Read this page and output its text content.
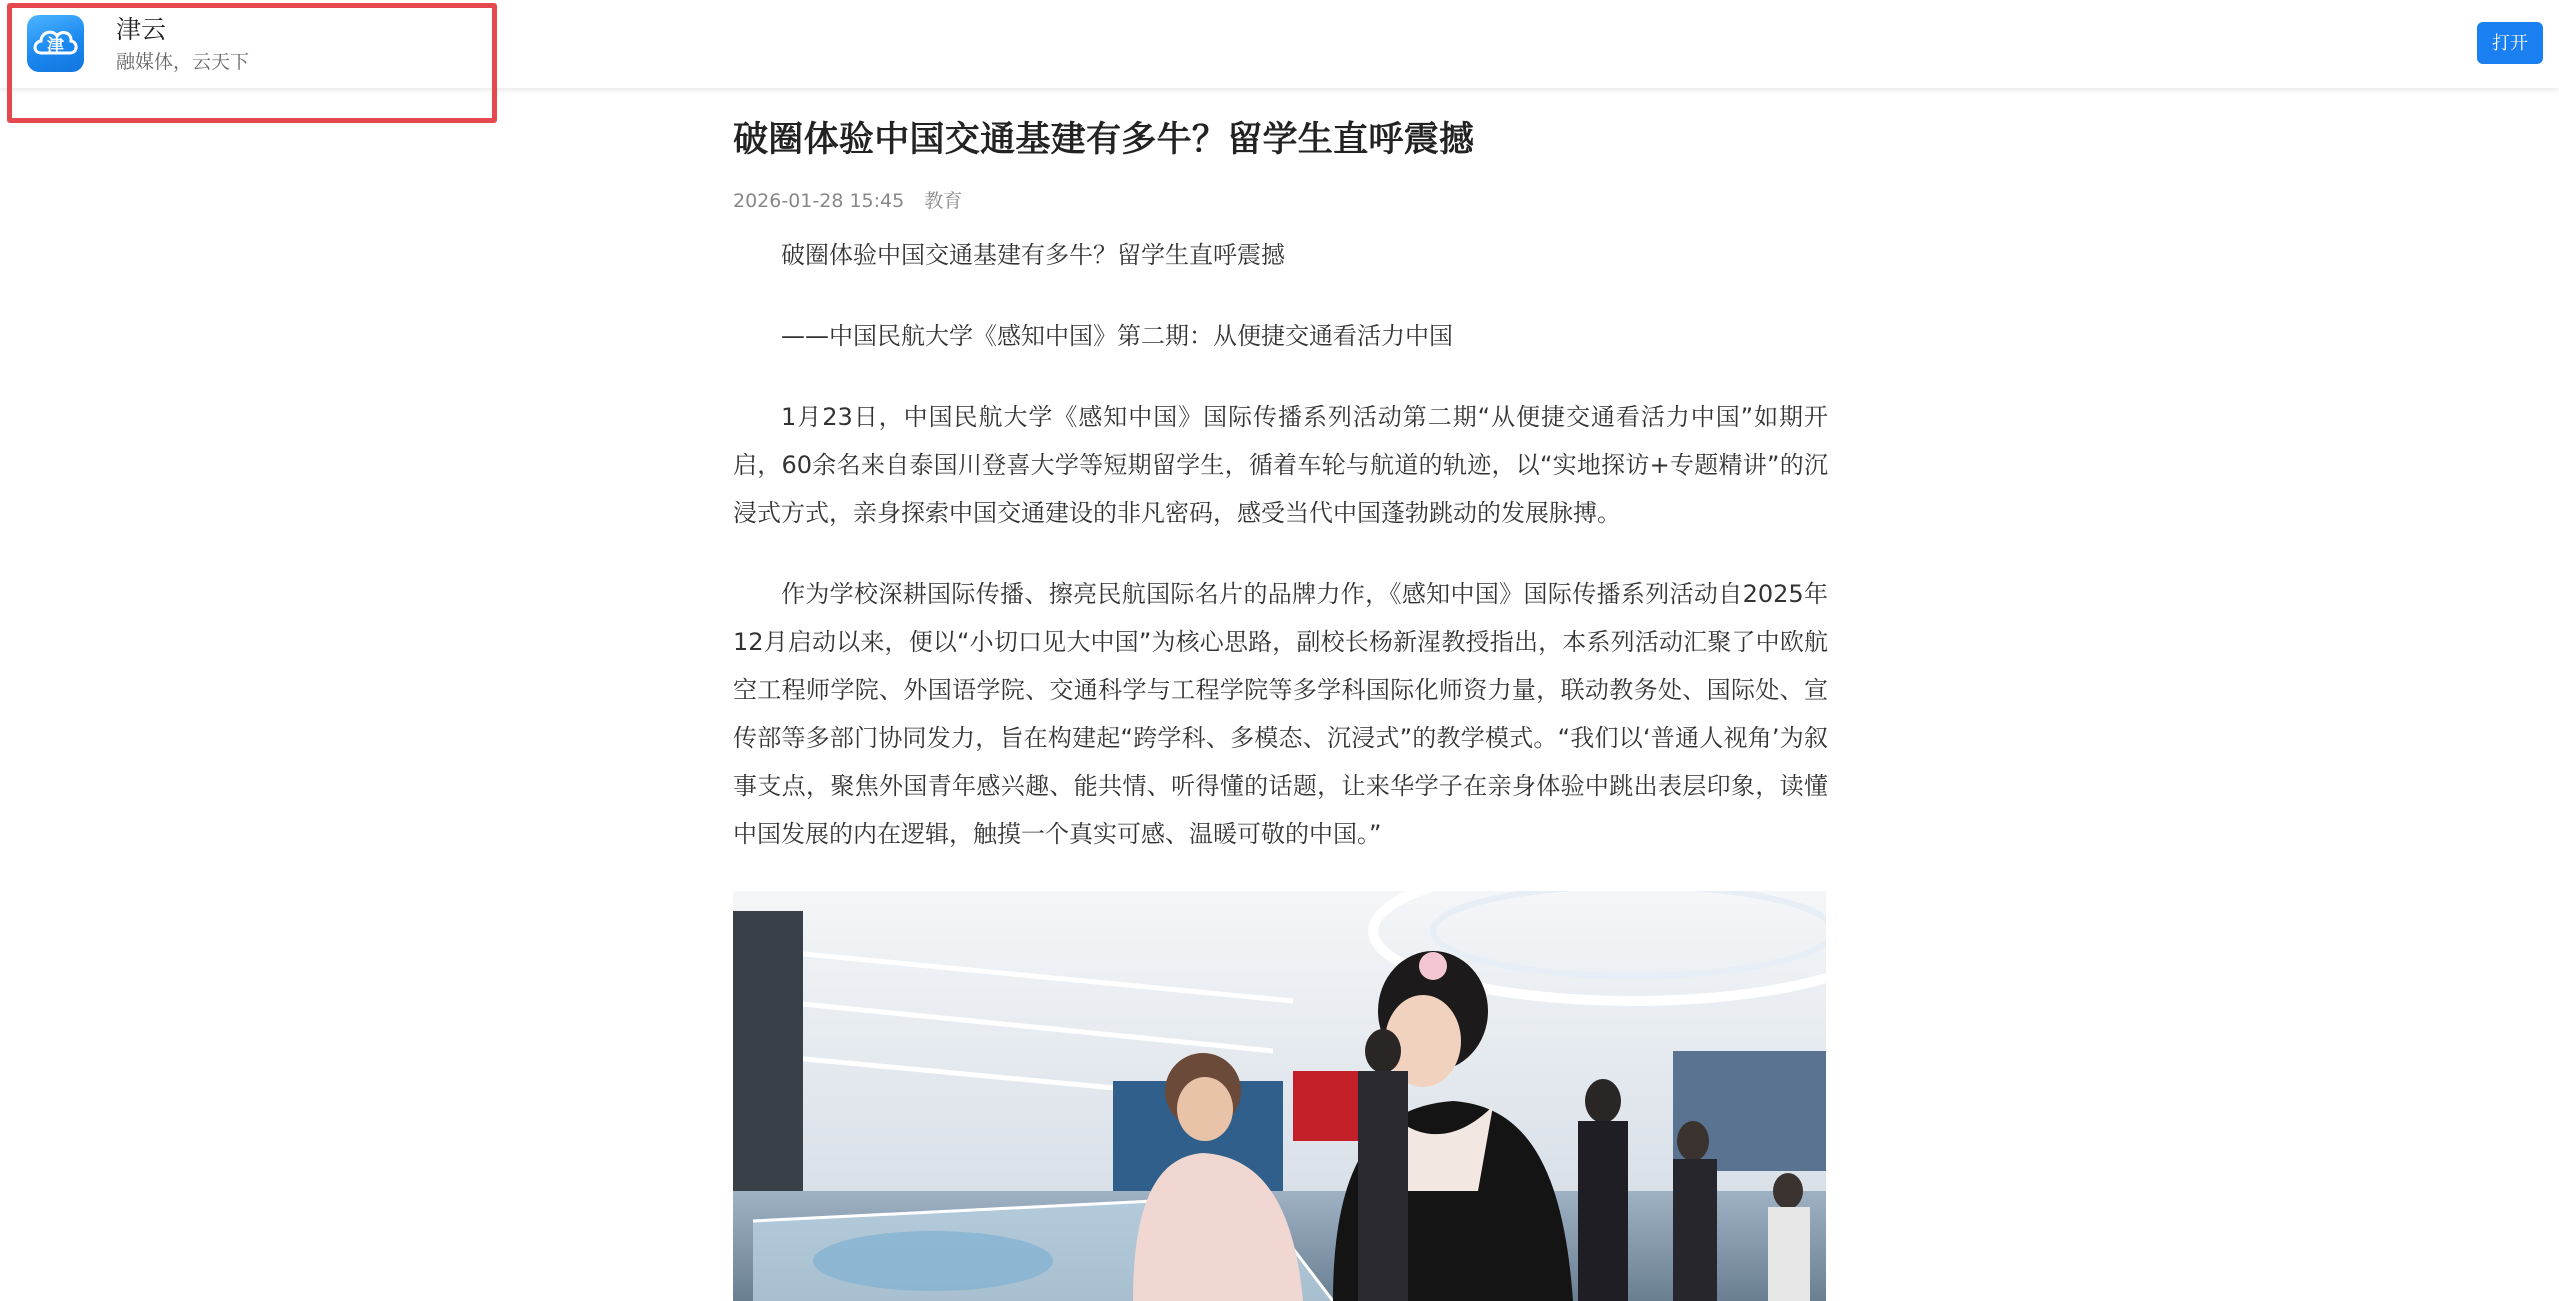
津
津云
融媒体，云天下
打开
破圈体验中国交通基建有多牛？留学生直呼震撼
2026-01-28 15:45 教育

破圈体验中国交通基建有多牛？留学生直呼震撼

——中国民航大学《感知中国》第二期：从便捷交通看活力中国

1月23日，中国民航大学《感知中国》国际传播系列活动第二期“从便捷交通看活力中国”如期开启，60余名来自泰国川登喜大学等短期留学生，循着车轮与航道的轨迹，以“实地探访+专题精讲”的沉浸式方式，亲身探索中国交通建设的非凡密码，感受当代中国蓬勃跳动的发展脉搏。

作为学校深耕国际传播、擦亮民航国际名片的品牌力作，《感知中国》国际传播系列活动自2025年12月启动以来，便以“小切口见大中国”为核心思路，副校长杨新湦教授指出，本系列活动汇聚了中欧航空工程师学院、外国语学院、交通科学与工程学院等多学科国际化师资力量，联动教务处、国际处、宣传部等多部门协同发力，旨在构建起“跨学科、多模态、沉浸式”的教学模式。“我们以‘普通人视角’为叙事支点，聚焦外国青年感兴趣、能共情、听得懂的话题，让来华学子在亲身体验中跳出表层印象，读懂中国发展的内在逻辑，触摸一个真实可感、温暖可敬的中国。”
